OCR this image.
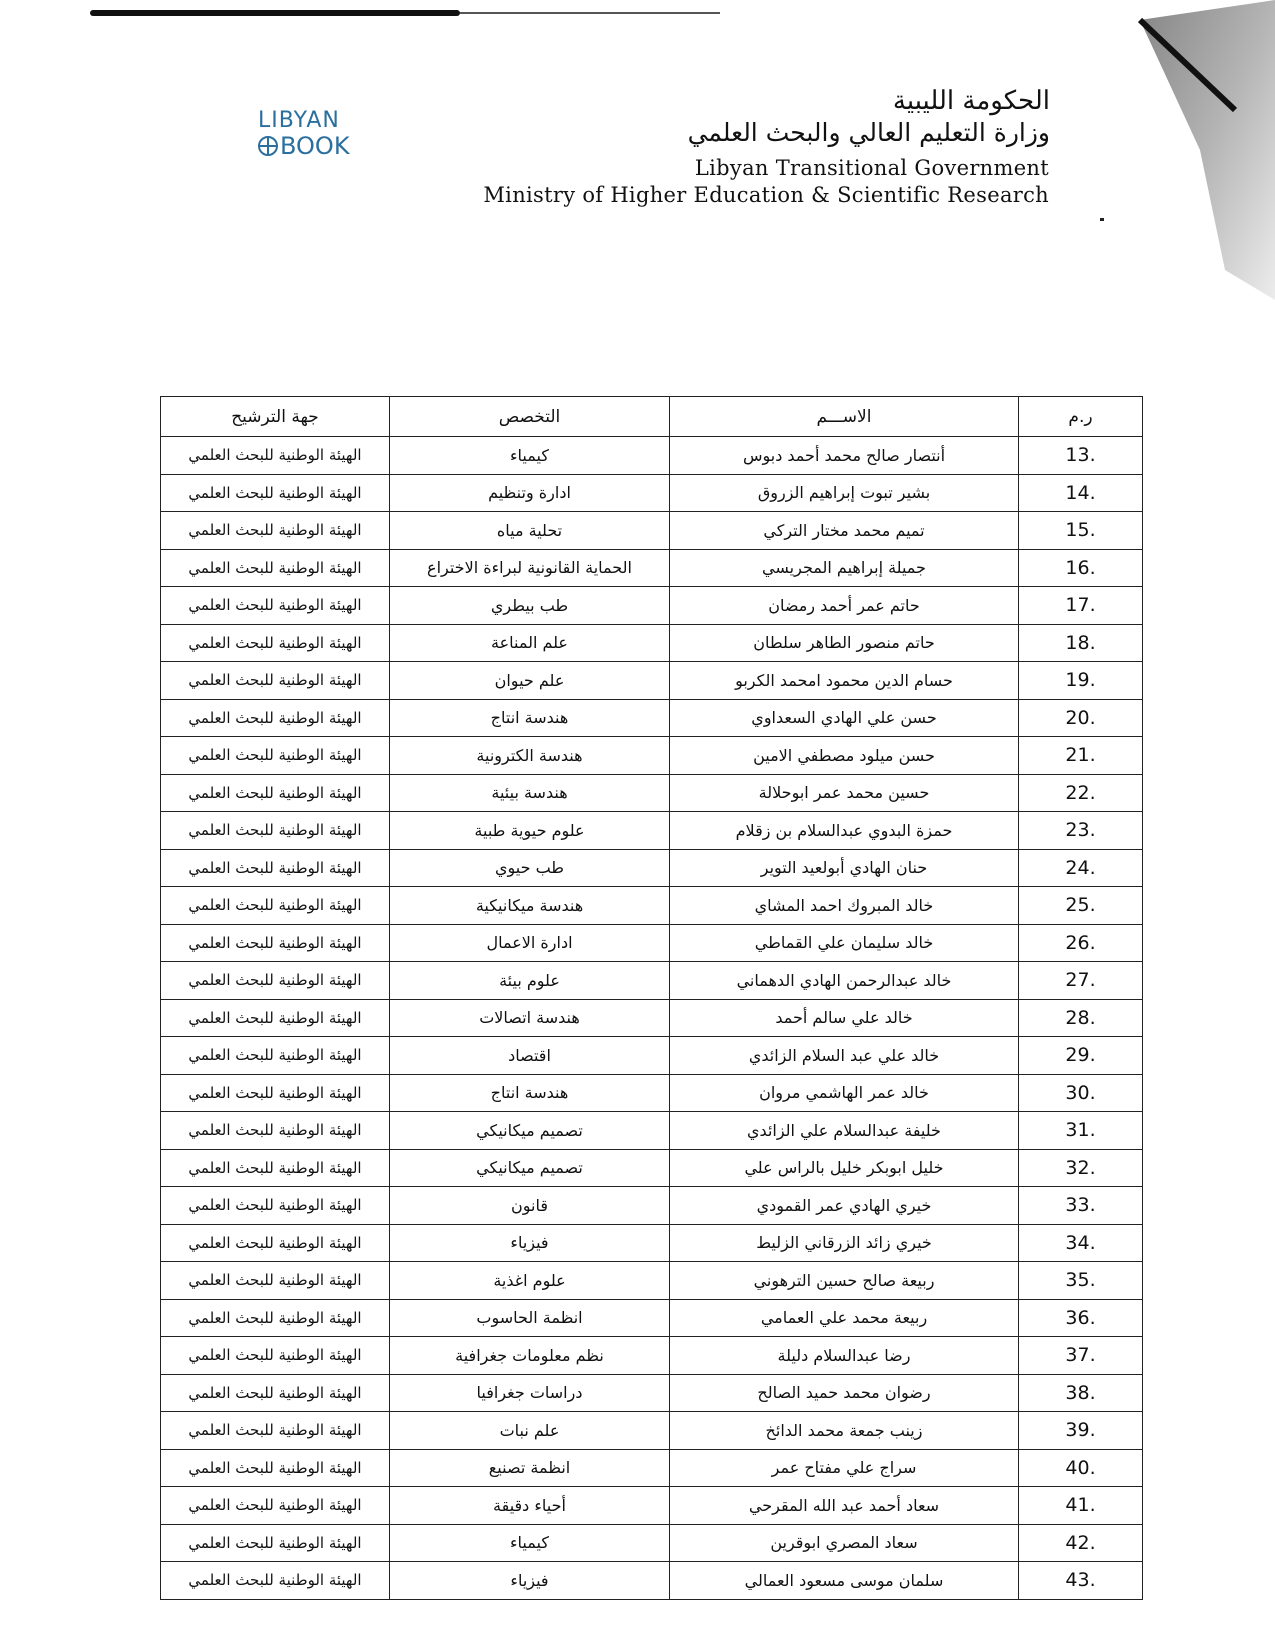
LIBYAN
BOOK
الحكومة الليبية
وزارة التعليم العالي والبحث العلمي
Libyan Transitional Government
Ministry of Higher Education & Scientific Research
ر.م	الاســـم	التخصص	جهة الترشيح
.13	أنتصار صالح محمد أحمد دبوس	كيمياء	الهيئة الوطنية للبحث العلمي
.14	بشير تبوت إبراهيم الزروق	ادارة وتنظيم	الهيئة الوطنية للبحث العلمي
.15	تميم محمد مختار التركي	تحلية مياه	الهيئة الوطنية للبحث العلمي
.16	جميلة إبراهيم المجريسي	الحماية القانونية لبراءة الاختراع	الهيئة الوطنية للبحث العلمي
.17	حاتم عمر أحمد رمضان	طب بيطري	الهيئة الوطنية للبحث العلمي
.18	حاتم منصور الطاهر سلطان	علم المناعة	الهيئة الوطنية للبحث العلمي
.19	حسام الدين محمود امحمد الكربو	علم حيوان	الهيئة الوطنية للبحث العلمي
.20	حسن علي الهادي السعداوي	هندسة انتاج	الهيئة الوطنية للبحث العلمي
.21	حسن ميلود مصطفي الامين	هندسة الكترونية	الهيئة الوطنية للبحث العلمي
.22	حسين محمد عمر ابوحلالة	هندسة بيئية	الهيئة الوطنية للبحث العلمي
.23	حمزة البدوي عبدالسلام بن زقلام	علوم حيوية طبية	الهيئة الوطنية للبحث العلمي
.24	حنان الهادي أبولعيد التوير	طب حيوي	الهيئة الوطنية للبحث العلمي
.25	خالد المبروك احمد المشاي	هندسة ميكانيكية	الهيئة الوطنية للبحث العلمي
.26	خالد سليمان علي القماطي	ادارة الاعمال	الهيئة الوطنية للبحث العلمي
.27	خالد عبدالرحمن الهادي الدهماني	علوم بيئة	الهيئة الوطنية للبحث العلمي
.28	خالد علي سالم أحمد	هندسة اتصالات	الهيئة الوطنية للبحث العلمي
.29	خالد علي عبد السلام الزائدي	اقتصاد	الهيئة الوطنية للبحث العلمي
.30	خالد عمر الهاشمي مروان	هندسة انتاج	الهيئة الوطنية للبحث العلمي
.31	خليفة عبدالسلام علي الزائدي	تصميم ميكانيكي	الهيئة الوطنية للبحث العلمي
.32	خليل ابوبكر خليل بالراس علي	تصميم ميكانيكي	الهيئة الوطنية للبحث العلمي
.33	خيري الهادي عمر القمودي	قانون	الهيئة الوطنية للبحث العلمي
.34	خيري زائد الزرقاني الزليط	فيزياء	الهيئة الوطنية للبحث العلمي
.35	ربيعة صالح حسين الترهوني	علوم اغذية	الهيئة الوطنية للبحث العلمي
.36	ربيعة محمد علي العمامي	انظمة الحاسوب	الهيئة الوطنية للبحث العلمي
.37	رضا عبدالسلام دليلة	نظم معلومات جغرافية	الهيئة الوطنية للبحث العلمي
.38	رضوان محمد حميد الصالح	دراسات جغرافيا	الهيئة الوطنية للبحث العلمي
.39	زينب جمعة محمد الدائخ	علم نبات	الهيئة الوطنية للبحث العلمي
.40	سراج علي مفتاح عمر	انظمة تصنيع	الهيئة الوطنية للبحث العلمي
.41	سعاد أحمد عبد الله المقرحي	أحياء دقيقة	الهيئة الوطنية للبحث العلمي
.42	سعاد المصري ابوقرين	كيمياء	الهيئة الوطنية للبحث العلمي
.43	سلمان موسى مسعود العمالي	فيزياء	الهيئة الوطنية للبحث العلمي
